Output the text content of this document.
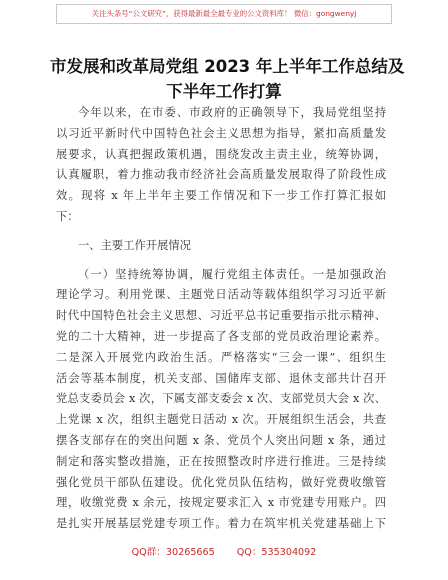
关注头条号“公文研究”，获得最新最全最专业的公文资料库！ 微信：gongwenyj
市发展和改革局党组 2023 年上半年工作总结及
下半年工作打算
今年以来，在市委、市政府的正确领导下，我局党组坚持
以习近平新时代中国特色社会主义思想为指导，紧扣高质量发
展要求，认真把握政策机遇，围绕发改主责主业，统筹协调，
认真履职，着力推动我市经济社会高质量发展取得了阶段性成
效。现将 x 年上半年主要工作情况和下一步工作打算汇报如
下：
一、主要工作开展情况
（一）坚持统筹协调，履行党组主体责任。一是加强政治
理论学习。利用党课、主题党日活动等载体组织学习习近平新
时代中国特色社会主义思想、习近平总书记重要指示批示精神、
党的二十大精神，进一步提高了各支部的党员政治理论素养。
二是深入开展党内政治生活。严格落实“三会一课”、组织生
活会等基本制度，机关支部、国储库支部、退休支部共计召开
党总支委员会 x 次，下属支部支委会 x 次、支部党员大会 x 次、
上党课 x 次，组织主题党日活动 x 次。开展组织生活会，共查
摆各支部存在的突出问题 x 条、党员个人突出问题 x 条，通过
制定和落实整改措施，正在按照整改时序进行推进。三是持续
强化党员干部队伍建设。优化党员队伍结构，做好党费收缴管
理，收缴党费 x 余元，按规定要求汇入 x 市党建专用账户。四
是扎实开展基层党建专项工作。着力在筑牢机关党建基础上下
QQ群：30265665 QQ：535304092
